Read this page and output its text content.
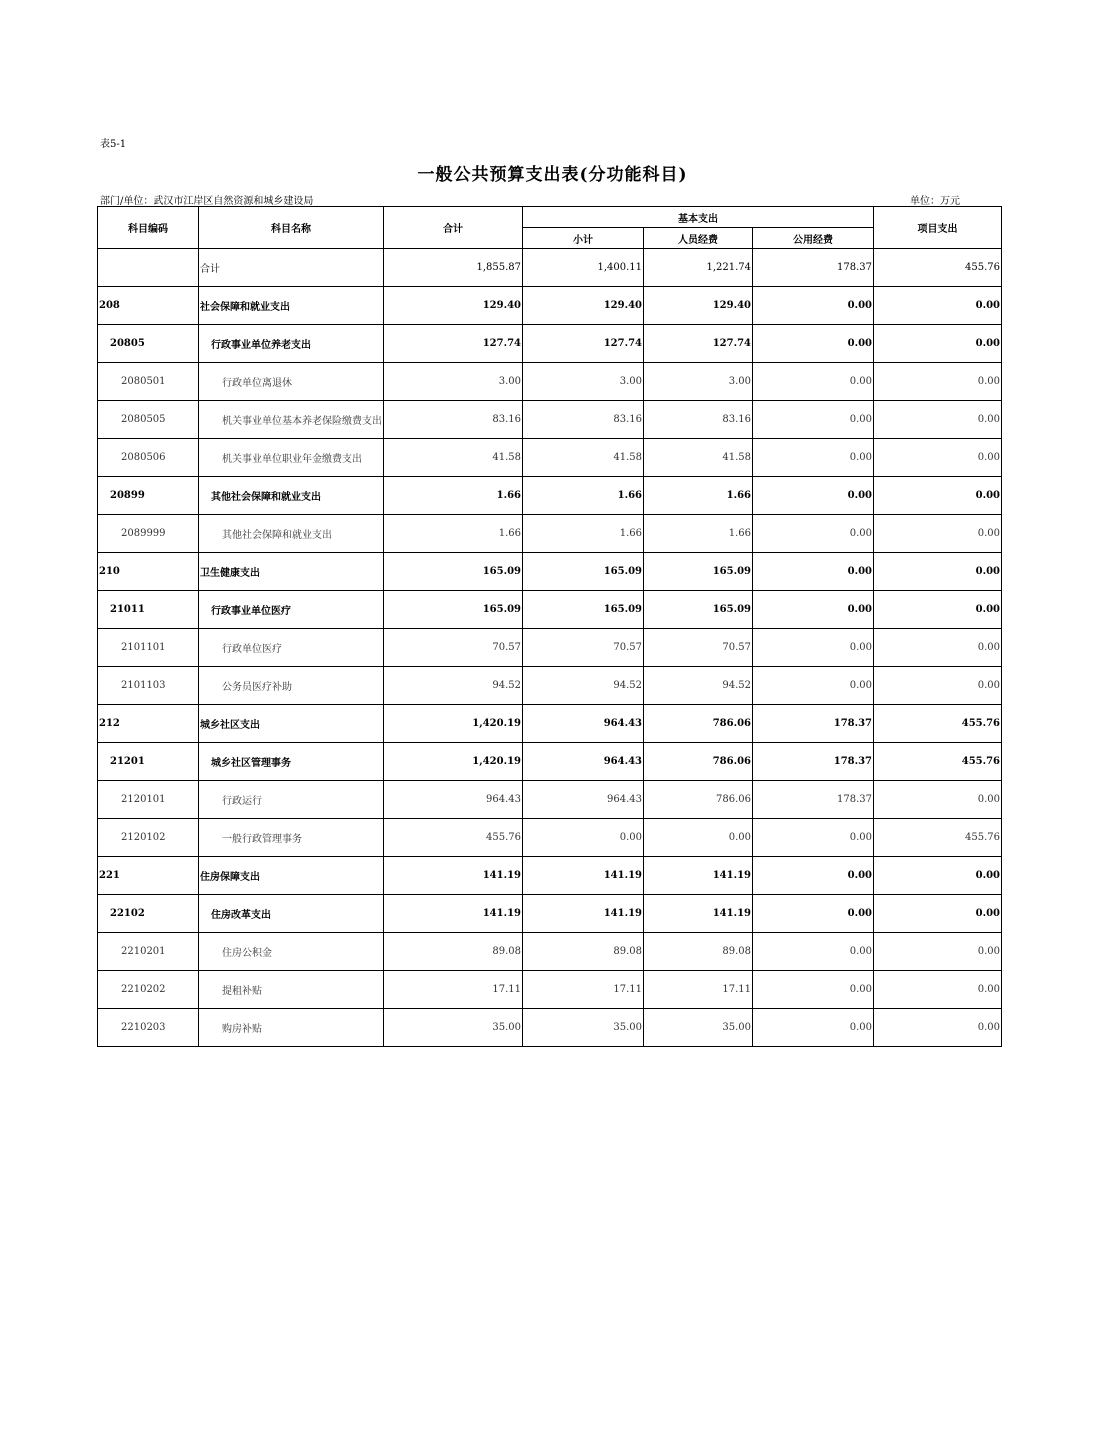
表5-1
一般公共预算支出表(分功能科目)
部门/单位：武汉市江岸区自然资源和城乡建设局	单位：万元
科目编码	科目名称	合计	基本支出			项目支出
			小计	人员经费	公用经费	
	合计	1,855.87	1,400.11	1,221.74	178.37	455.76
208	社会保障和就业支出	129.40	129.40	129.40	0.00	0.00
20805	行政事业单位养老支出	127.74	127.74	127.74	0.00	0.00
2080501	行政单位离退休	3.00	3.00	3.00	0.00	0.00
2080505	机关事业单位基本养老保险缴费支出	83.16	83.16	83.16	0.00	0.00
2080506	机关事业单位职业年金缴费支出	41.58	41.58	41.58	0.00	0.00
20899	其他社会保障和就业支出	1.66	1.66	1.66	0.00	0.00
2089999	其他社会保障和就业支出	1.66	1.66	1.66	0.00	0.00
210	卫生健康支出	165.09	165.09	165.09	0.00	0.00
21011	行政事业单位医疗	165.09	165.09	165.09	0.00	0.00
2101101	行政单位医疗	70.57	70.57	70.57	0.00	0.00
2101103	公务员医疗补助	94.52	94.52	94.52	0.00	0.00
212	城乡社区支出	1,420.19	964.43	786.06	178.37	455.76
21201	城乡社区管理事务	1,420.19	964.43	786.06	178.37	455.76
2120101	行政运行	964.43	964.43	786.06	178.37	0.00
2120102	一般行政管理事务	455.76	0.00	0.00	0.00	455.76
221	住房保障支出	141.19	141.19	141.19	0.00	0.00
22102	住房改革支出	141.19	141.19	141.19	0.00	0.00
2210201	住房公积金	89.08	89.08	89.08	0.00	0.00
2210202	提租补贴	17.11	17.11	17.11	0.00	0.00
2210203	购房补贴	35.00	35.00	35.00	0.00	0.00
